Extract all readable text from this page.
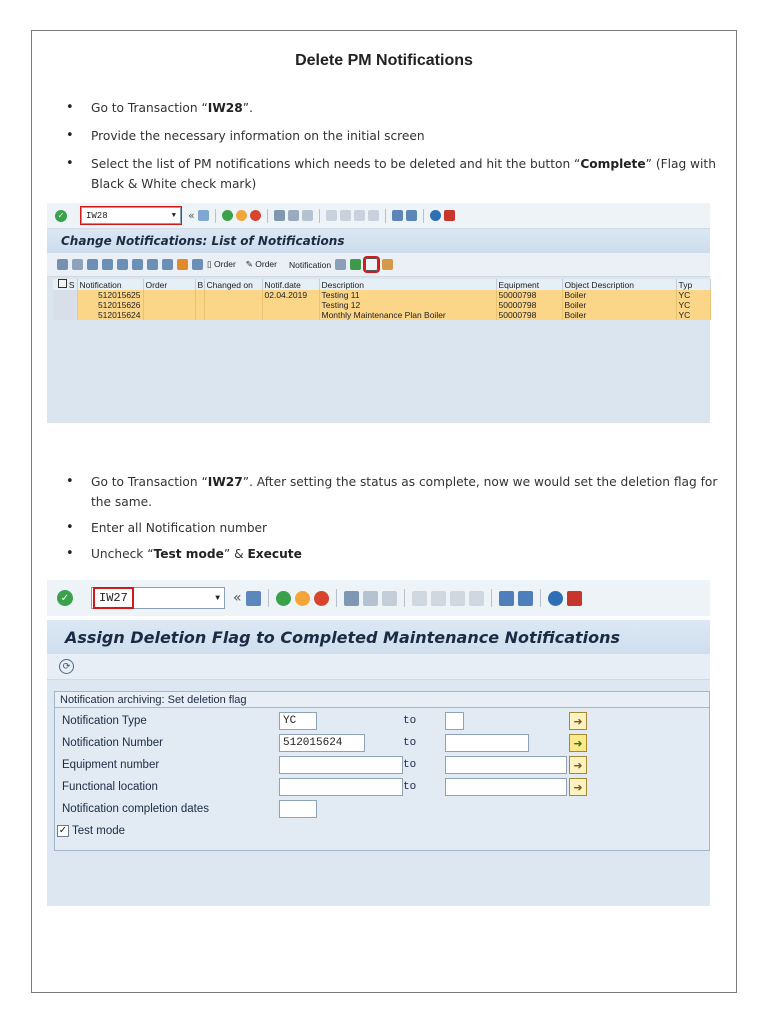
Delete PM Notifications

• Go to Transaction “IW28”.

• Provide the necessary information on the initial screen

• Select the list of PM notifications which needs to be deleted and hit the button “Complete” (Flag with Black & White check mark)

✓ IW28	▼ «
Change Notifications: List of Notifications
▯ Order ✎ Order Notification
S	Notification	Order	B	Changed on	Notif.date	Description	Equipment	Object Description	Typ
	512015625				02.04.2019	Testing 11	50000798	Boiler	YC
	512015626					Testing 12	50000798	Boiler	YC
	512015624					Monthly Maintenance Plan Boiler	50000798	Boiler	YC

• Go to Transaction “IW27”. After setting the status as complete, now we would set the deletion flag for the same.

• Enter all Notification number

• Uncheck “Test mode” & Execute

✓	IW27	▼ «
Assign Deletion Flag to Completed Maintenance Notifications
⟳
Notification archiving: Set deletion flag
Notification Type	YC	to	➜
Notification Number	512015624	to	➜
Equipment number	to	➜
Functional location	to	➜
Notification completion dates
✓ Test mode
